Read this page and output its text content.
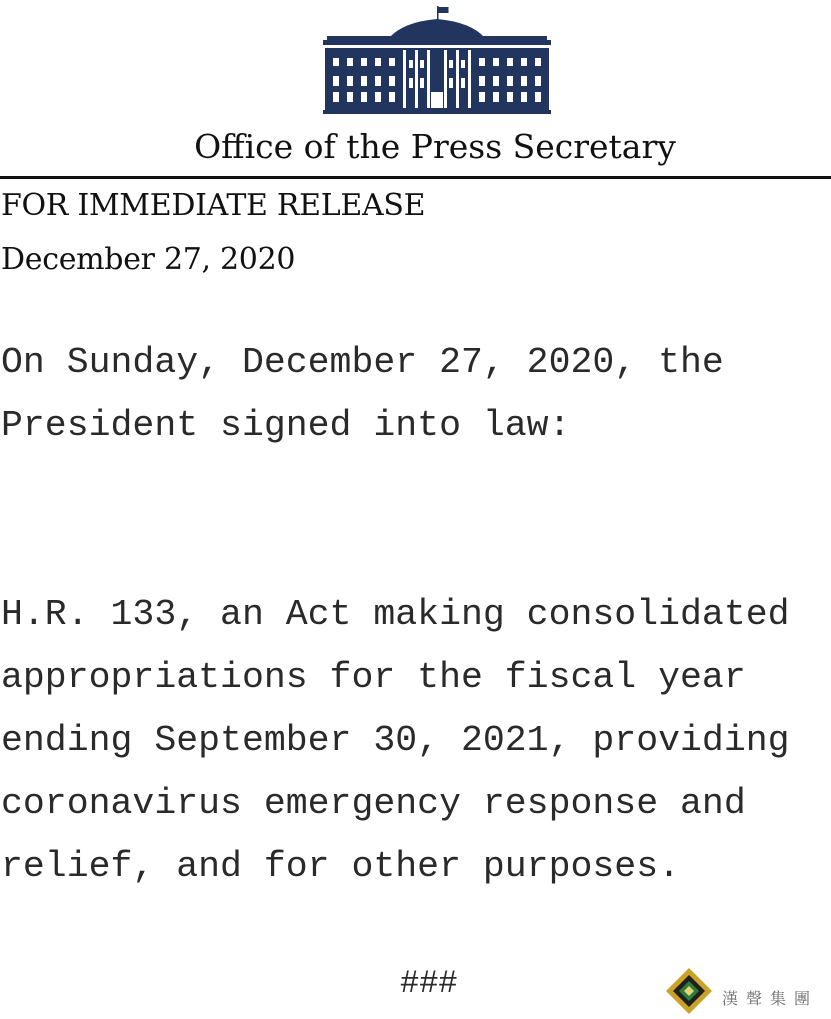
Office of the Press Secretary
FOR IMMEDIATE RELEASE
December 27, 2020
On Sunday, December 27, 2020, the
President signed into law:
H.R. 133, an Act making consolidated
appropriations for the fiscal year
ending September 30, 2021, providing
coronavirus emergency response and
relief, and for other purposes.
###	漢聲集團
